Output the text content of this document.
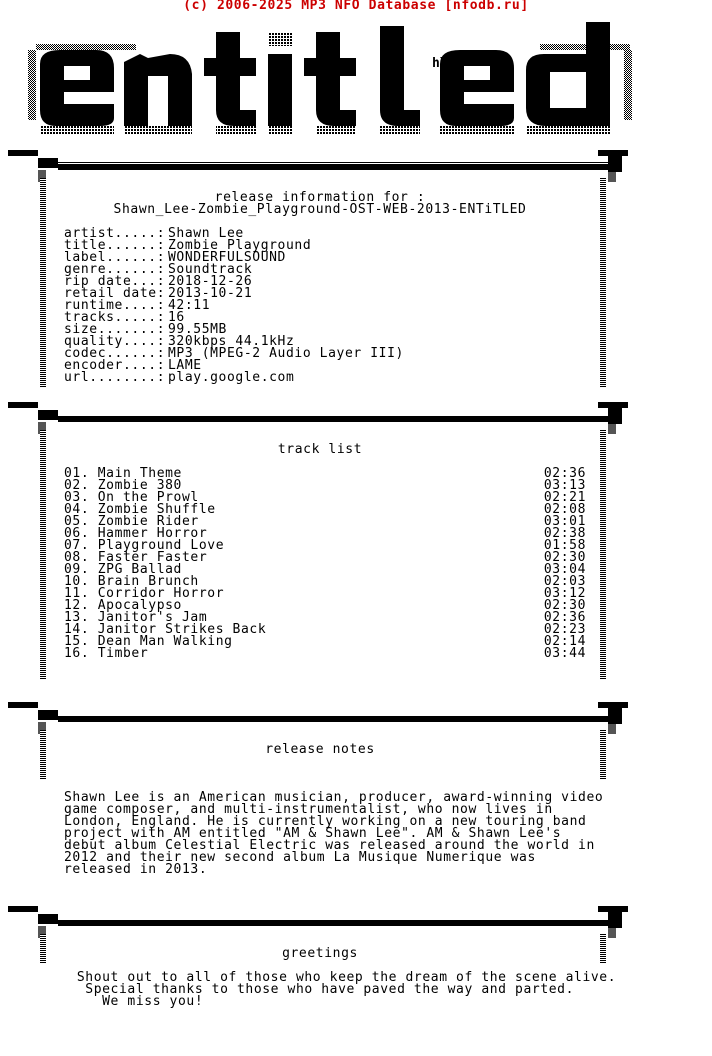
(c) 2006-2025 MP3 NFO Database [nfodb.ru]
hX!
release information for :
Shawn_Lee-Zombie_Playground-OST-WEB-2013-ENTiTLED
artist.....: Shawn Lee
title......: Zombie Playground
label......: WONDERFULSOUND
genre......: Soundtrack
rip date...: 2018-12-26
retail date: 2013-10-21
runtime....: 42:11
tracks.....: 16
size.......: 99.55MB
quality....: 320kbps 44.1kHz
codec......: MP3 (MPEG-2 Audio Layer III)
encoder....: LAME
url........: play.google.com
track list
01. Main Theme	02:36
02. Zombie 380	03:13
03. On the Prowl	02:21
04. Zombie Shuffle	02:08
05. Zombie Rider	03:01
06. Hammer Horror	02:38
07. Playground Love	01:58
08. Faster Faster	02:30
09. ZPG Ballad	03:04
10. Brain Brunch	02:03
11. Corridor Horror	03:12
12. Apocalypso	02:30
13. Janitor's Jam	02:36
14. Janitor Strikes Back	02:23
15. Dean Man Walking	02:14
16. Timber	03:44
release notes
Shawn Lee is an American musician, producer, award-winning video game composer, and multi-instrumentalist, who now lives in London, England. He is currently working on a new touring band project with AM entitled "AM & Shawn Lee". AM & Shawn Lee's debut album Celestial Electric was released around the world in 2012 and their new second album La Musique Numerique was released in 2013.
greetings
Shout out to all of those who keep the dream of the scene alive.
Special thanks to those who have paved the way and parted.
We miss you!
